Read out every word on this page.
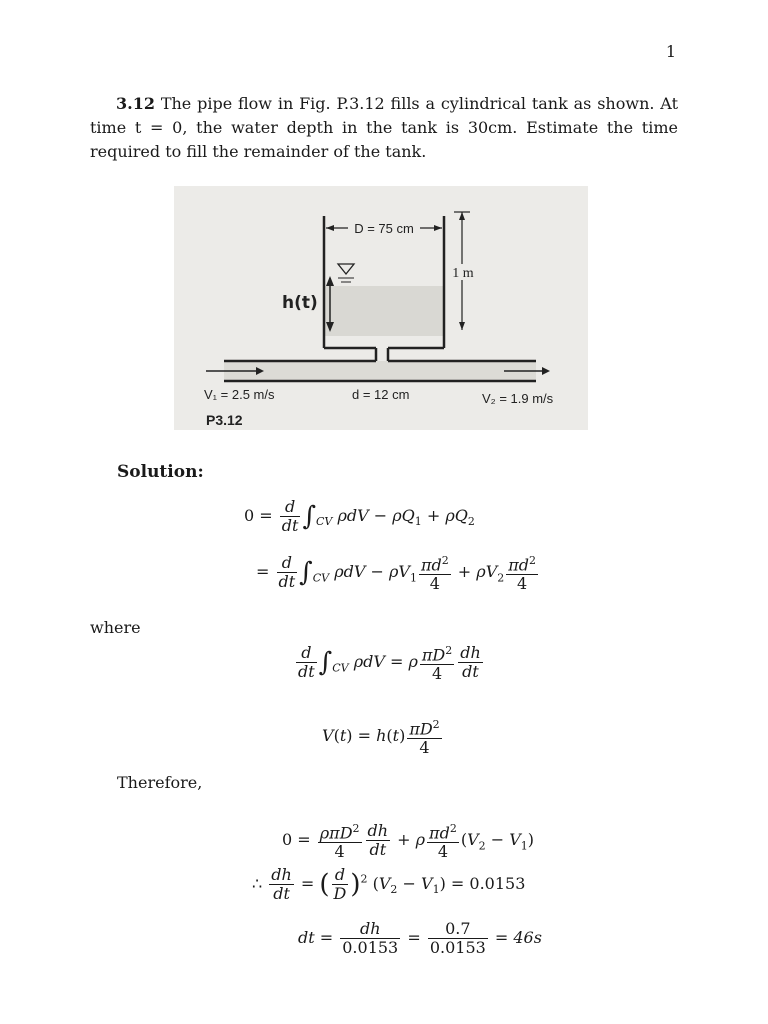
1
3.12 The pipe flow in Fig. P.3.12 fills a cylindrical tank as shown. At time t = 0, the water depth in the tank is 30cm. Estimate the time required to fill the remainder of the tank.
D = 75 cm
1 m
h(t)
V₁ = 2.5 m/s	d = 12 cm	V₂ = 1.9 m/s
P3.12
Solution:
$0 = \frac{d}{dt} \int_{CV}$ $\rho dV - \rho Q_1 + \rho Q_2$
= $\frac{d}{dt} \int_{CV}$ $\rho dV - \rho V_1 \frac{\pi d^2}{4} + \rho V_2 \frac{\pi d^2}{4}$
where
$\frac{d}{dt} \int_{CV}$ ρdV = ρ $\frac{\pi D^2}{4} \frac{dh}{dt}$
$V(t) = h(t) \frac{\pi D^2}{4}$
Therefore,
$0 = \frac{\rho\pi D^2}{4} \frac{dh}{dt} + \rho \frac{\pi d^2}{4} (V_2 - V_1)$
∴ $\frac{dh}{dt}$ = ( $\frac{d}{D} )^2$ $(V_2 - V_1) = 0.0153$
dt = $\frac{dh}{0.0153} = \frac{0.7}{0.0153} = 46s$
